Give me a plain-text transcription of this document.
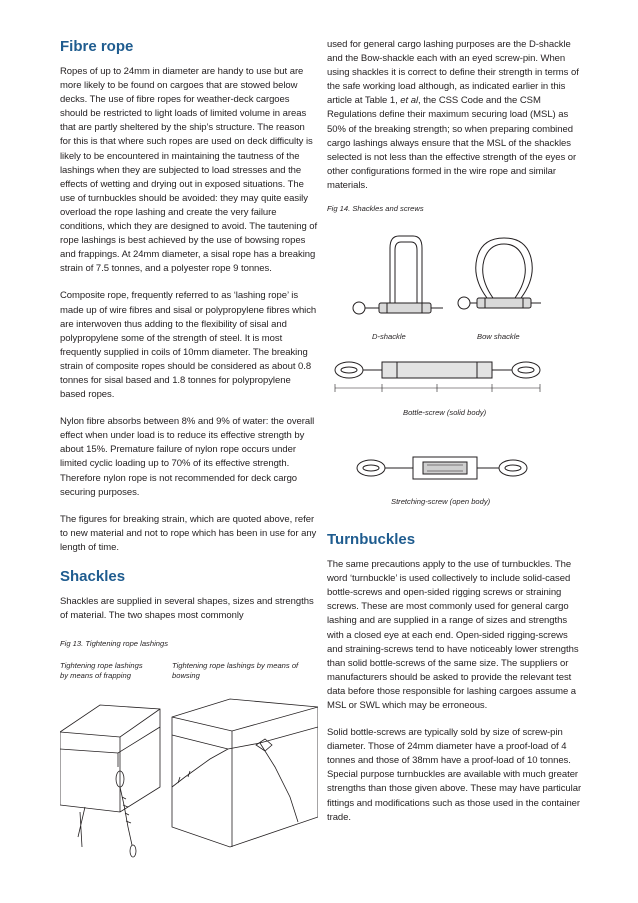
Fibre rope

Ropes of up to 24mm in diameter are handy to use but are more likely to be found on cargoes that are stowed below decks. The use of fibre ropes for weather-deck cargoes should be restricted to light loads of limited volume in areas that are partly sheltered by the ship’s structure. The reason for this is that where such ropes are used on deck difficulty is likely to be encountered in maintaining the tautness of the lashings when they are subjected to load stresses and the effects of wetting and drying out in exposed situations. The use of turnbuckles should be avoided: they may quite easily overload the rope lashing and create the very failure conditions, which they are designed to avoid. The tautening of rope lashings is best achieved by the use of bowsing ropes and frappings. At 24mm diameter, a sisal rope has a breaking strain of 7.5 tonnes, and a polyester rope 9 tonnes.

Composite rope, frequently referred to as ‘lashing rope’ is made up of wire fibres and sisal or polypropylene fibres which are interwoven thus adding to the flexibility of sisal and polypropylene some of the strength of steel. It is most frequently supplied in coils of 10mm diameter. The breaking strain of composite ropes should be considered as about 0.8 tonnes for sisal based and 1.8 tonnes for polypropylene based ropes.

Nylon fibre absorbs between 8% and 9% of water: the overall effect when under load is to reduce its effective strength by about 15%. Premature failure of nylon rope occurs under limited cyclic loading up to 70% of its effective strength. Therefore nylon rope is not recommended for deck cargo securing purposes.

The figures for breaking strain, which are quoted above, refer to new material and not to rope which has been in use for any length of time.

Shackles

Shackles are supplied in several shapes, sizes and strengths of material. The two shapes most commonly

Fig 13. Tightening rope lashings
Tightening rope lashings by means of frapping
Tightening rope lashings by means of bowsing

used for general cargo lashing purposes are the D-shackle and the Bow-shackle each with an eyed screw-pin. When using shackles it is correct to define their strength in terms of the safe working load although, as indicated earlier in this article at Table 1, et al, the CSS Code and the CSM Regulations define their maximum securing load (MSL) as 50% of the breaking strength; so when preparing combined cargo lashings always ensure that the MSL of the shackles selected is not less than the effective strength of the eyes or other configurations formed in the wire rope and similar materials.

Fig 14. Shackles and screws
D-shackle	Bow shackle
Bottle-screw (solid body)
Stretching-screw (open body)
Turnbuckles

The same precautions apply to the use of turnbuckles. The word ‘turnbuckle’ is used collectively to include solid-cased bottle-screws and open-sided rigging screws or straining screws. These are most commonly used for general cargo lashing and are supplied in a range of sizes and strengths with a closed eye at each end. Open-sided rigging-screws and straining-screws tend to have noticeably lower strengths than solid bottle-screws of the same size. The suppliers or manufacturers should be asked to provide the relevant test data before those responsible for lashing cargoes assume a MSL or SWL which may be erroneous.

Solid bottle-screws are typically sold by size of screw-pin diameter. Those of 24mm diameter have a proof-load of 4 tonnes and those of 38mm have a proof-load of 10 tonnes. Special purpose turnbuckles are available with much greater strengths than those given above. These may have particular fittings and modifications such as those used in the container trade.
